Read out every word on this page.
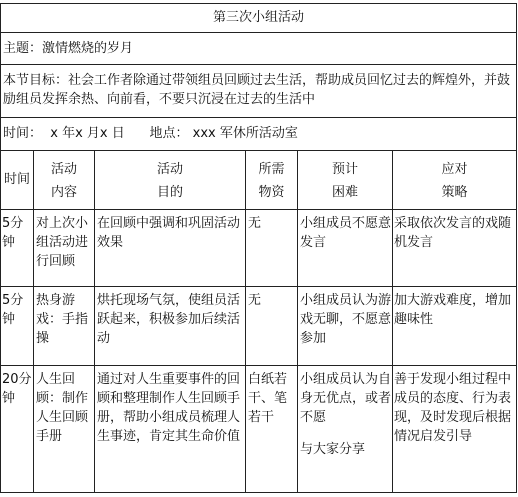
第三次小组活动
主题：激情燃烧的岁月
本节目标：社会工作者除通过带领组员回顾过去生活，帮助成员回忆过去的辉煌外，并鼓励组员发挥余热、向前看，不要只沉浸在过去的生活中
时间：  x 年x 月x 日      地点： xxx 军休所活动室
时间
活动
内容
活动
目的
所需
物资
预计
困难
应对
策略
5分钟
对上次小组活动进行回顾
在回顾中强调和巩固活动效果
无	小组成员不愿意发言
采取依次发言的戏随机发言
5分钟
热身游戏：手指操
烘托现场气氛，使组员活跃起来，积极参加后续活动
无	小组成员认为游戏无聊，不愿意参加
加大游戏难度，增加趣味性
20分钟
人生回顾：制作人生回顾手册
通过对人生重要事件的回顾和整理制作人生回顾手册，帮助小组成员梳理人生事迹，肯定其生命价值
白纸若干、笔若干
小组成员认为自身无优点，或者不愿
与大家分享
善于发现小组过程中成员的态度、行为表现，及时发现后根据情况启发引导
